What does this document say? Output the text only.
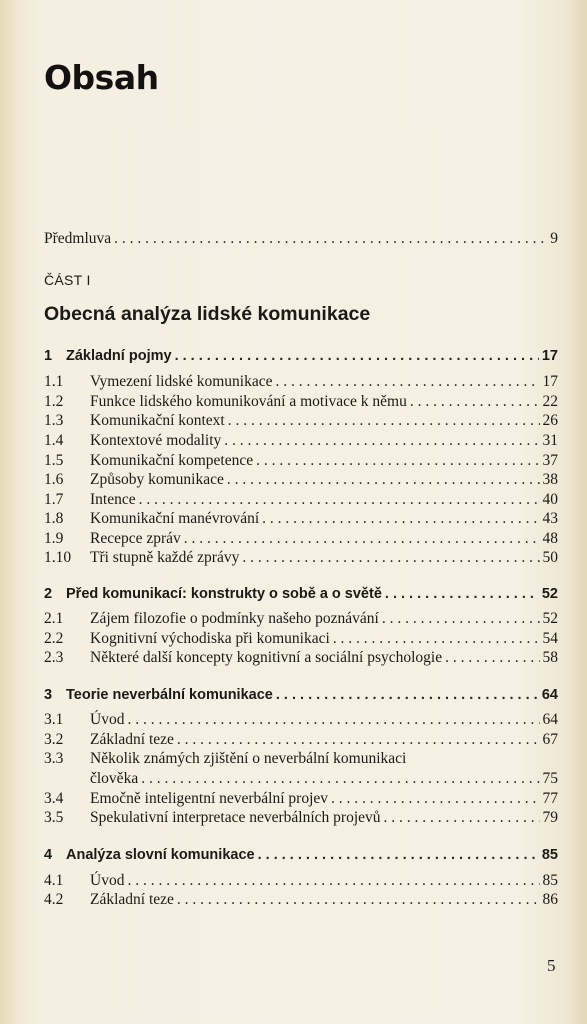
Obsah
Předmluva . . .	9
ČÁST I
Obecná analýza lidské komunikace
1 Základní pojmy . . .	17
1.1	Vymezení lidské komunikace . . .	17
1.2	Funkce lidského komunikování a motivace k němu . . .	22
1.3	Komunikační kontext . . .	26
1.4	Kontextové modality . . .	31
1.5	Komunikační kompetence . . .	37
1.6	Způsoby komunikace . . .	38
1.7	Intence . . .	40
1.8	Komunikační manévrování . . .	43
1.9	Recepce zpráv . . .	48
1.10	Tři stupně každé zprávy . . .	50
2 Před komunikací: konstrukty o sobě a o světě . . .	52
2.1	Zájem filozofie o podmínky našeho poznávání . . .	52
2.2	Kognitivní východiska při komunikaci . . .	54
2.3	Některé další koncepty kognitivní a sociální psychologie . . .	58
3 Teorie neverbální komunikace . . .	64
3.1	Úvod . . .	64
3.2	Základní teze . . .	67
3.3	Několik známých zjištění o neverbální komunikaci
člověka . . .	75
3.4	Emočně inteligentní neverbální projev . . .	77
3.5	Spekulativní interpretace neverbálních projevů . . .	79
4 Analýza slovní komunikace . . .	85
4.1	Úvod . . .	85
4.2	Základní teze . . .	86
5
